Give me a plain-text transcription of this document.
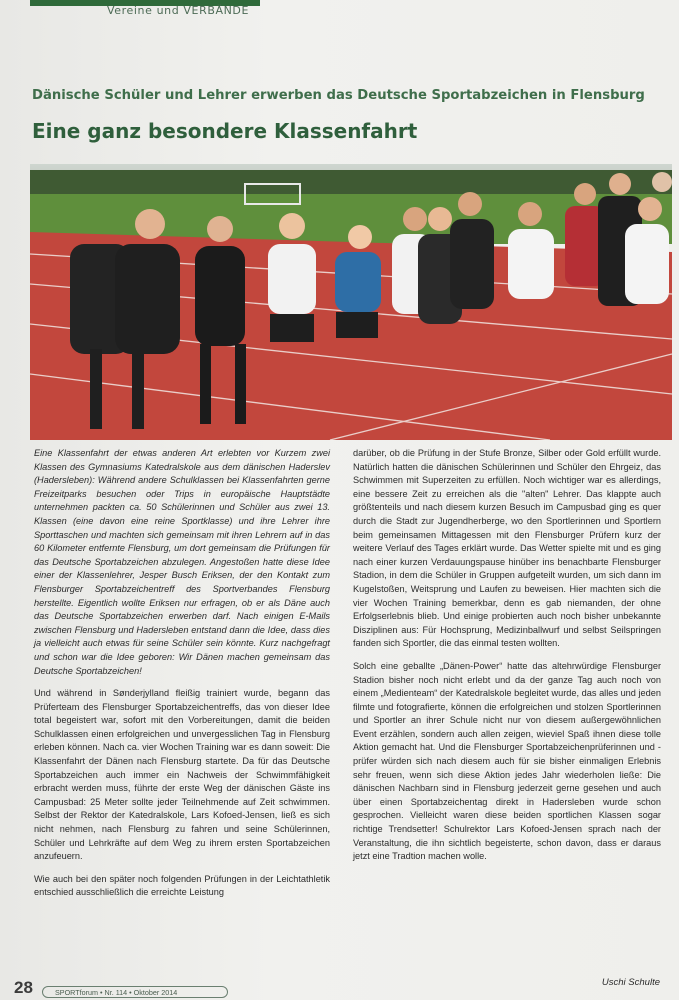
Vereine und VERBÄNDE
Dänische Schüler und Lehrer erwerben das Deutsche Sportabzeichen in Flensburg
Eine ganz besondere Klassenfahrt

Eine Klassenfahrt der etwas anderen Art erlebten vor Kurzem zwei Klassen des Gymnasiums Katedralskole aus dem dänischen Haderslev (Hadersleben): Während andere Schulklassen bei Klassenfahrten gerne Freizeitparks besuchen oder Trips in europäische Hauptstädte unternehmen packten ca. 50 Schülerinnen und Schüler aus zwei 13. Klassen (eine davon eine reine Sportklasse) und ihre Lehrer ihre Sporttaschen und machten sich gemeinsam mit ihren Lehrern auf in das 60 Kilometer entfernte Flensburg, um dort gemeinsam die Prüfungen für das Deutsche Sportabzeichen abzulegen. Angestoßen hatte diese Idee einer der Klassenlehrer, Jesper Busch Eriksen, der den Kontakt zum Flensburger Sportabzeichentreff des Sportverbandes Flensburg herstellte. Eigentlich wollte Eriksen nur erfragen, ob er als Däne auch das Deutsche Sportabzeichen erwerben darf. Nach einigen E-Mails zwischen Flensburg und Hadersleben entstand dann die Idee, dass dies ja vielleicht auch etwas für seine Schüler sein könnte. Kurz nachgefragt und schon war die Idee geboren: Wir Dänen machen gemeinsam das Deutsche Sportabzeichen!

Und während in Sønderjylland fleißig trainiert wurde, begann das Prüferteam des Flensburger Sportabzeichentreffs, das von dieser Idee total begeistert war, sofort mit den Vorbereitungen, damit die beiden Schulklassen einen erfolgreichen und unvergesslichen Tag in Flensburg erleben können. Nach ca. vier Wochen Training war es dann soweit: Die Klassenfahrt der Dänen nach Flensburg startete. Da für das Deutsche Sportabzeichen auch immer ein Nachweis der Schwimmfähigkeit erbracht werden muss, führte der erste Weg der dänischen Gäste ins Campusbad: 25 Meter sollte jeder Teilnehmende auf Zeit schwimmen. Selbst der Rektor der Katedralskole, Lars Kofoed-Jensen, ließ es sich nicht nehmen, nach Flensburg zu fahren und seine Schülerinnen, Schüler und Lehrkräfte auf dem Weg zu ihrem ersten Sportabzeichen anzufeuern.

Wie auch bei den später noch folgenden Prüfungen in der Leichtathletik entschied ausschließlich die erreichte Leistung

darüber, ob die Prüfung in der Stufe Bronze, Silber oder Gold erfüllt wurde. Natürlich hatten die dänischen Schülerinnen und Schüler den Ehrgeiz, das Schwimmen mit Superzeiten zu erfüllen. Noch wichtiger war es allerdings, eine bessere Zeit zu erreichen als die "alten" Lehrer. Das klappte auch größtenteils und nach diesem kurzen Besuch im Campusbad ging es quer durch die Stadt zur Jugendherberge, wo den Sportlerinnen und Sportlern beim gemeinsamen Mittagessen mit den Flensburger Prüfern kurz der weitere Verlauf des Tages erklärt wurde. Das Wetter spielte mit und es ging nach einer kurzen Verdauungspause hinüber ins benachbarte Flensburger Stadion, in dem die Schüler in Gruppen aufgeteilt wurden, um sich dann im Kugelstoßen, Weitsprung und Laufen zu beweisen. Hier machten sich die vier Wochen Training bemerkbar, denn es gab niemanden, der ohne Erfolgserlebnis blieb. Und einige probierten auch noch bisher unbekannte Disziplinen aus: Für Hochsprung, Medizinballwurf und selbst Seilspringen fanden sich Sportler, die das einmal testen wollten.

Solch eine geballte „Dänen-Power“ hatte das altehrwürdige Flensburger Stadion bisher noch nicht erlebt und da der ganze Tag auch noch von einem „Medienteam“ der Katedralskole begleitet wurde, das alles und jeden filmte und fotografierte, können die erfolgreichen und stolzen Sportlerinnen und Sportler an ihrer Schule nicht nur von diesem außergewöhnlichen Event erzählen, sondern auch allen zeigen, wieviel Spaß ihnen diese tolle Aktion gemacht hat. Und die Flensburger Sportabzeichenprüferinnen und -prüfer würden sich nach diesem auch für sie bisher einmaligen Erlebnis sehr freuen, wenn sich diese Aktion jedes Jahr wiederholen ließe: Die dänischen Nachbarn sind in Flensburg jederzeit gerne gesehen und auch über einen Sportabzeichentag direkt in Hadersleben wurde schon gesprochen. Vielleicht waren diese beiden sportlichen Klassen sogar richtige Trendsetter! Schulrektor Lars Kofoed-Jensen sprach nach der Veranstaltung, die ihn sichtlich begeisterte, schon davon, dass er daraus jetzt eine Tradtion machen wolle.

Uschi Schulte
28	SPORTforum • Nr. 114 • Oktober 2014
